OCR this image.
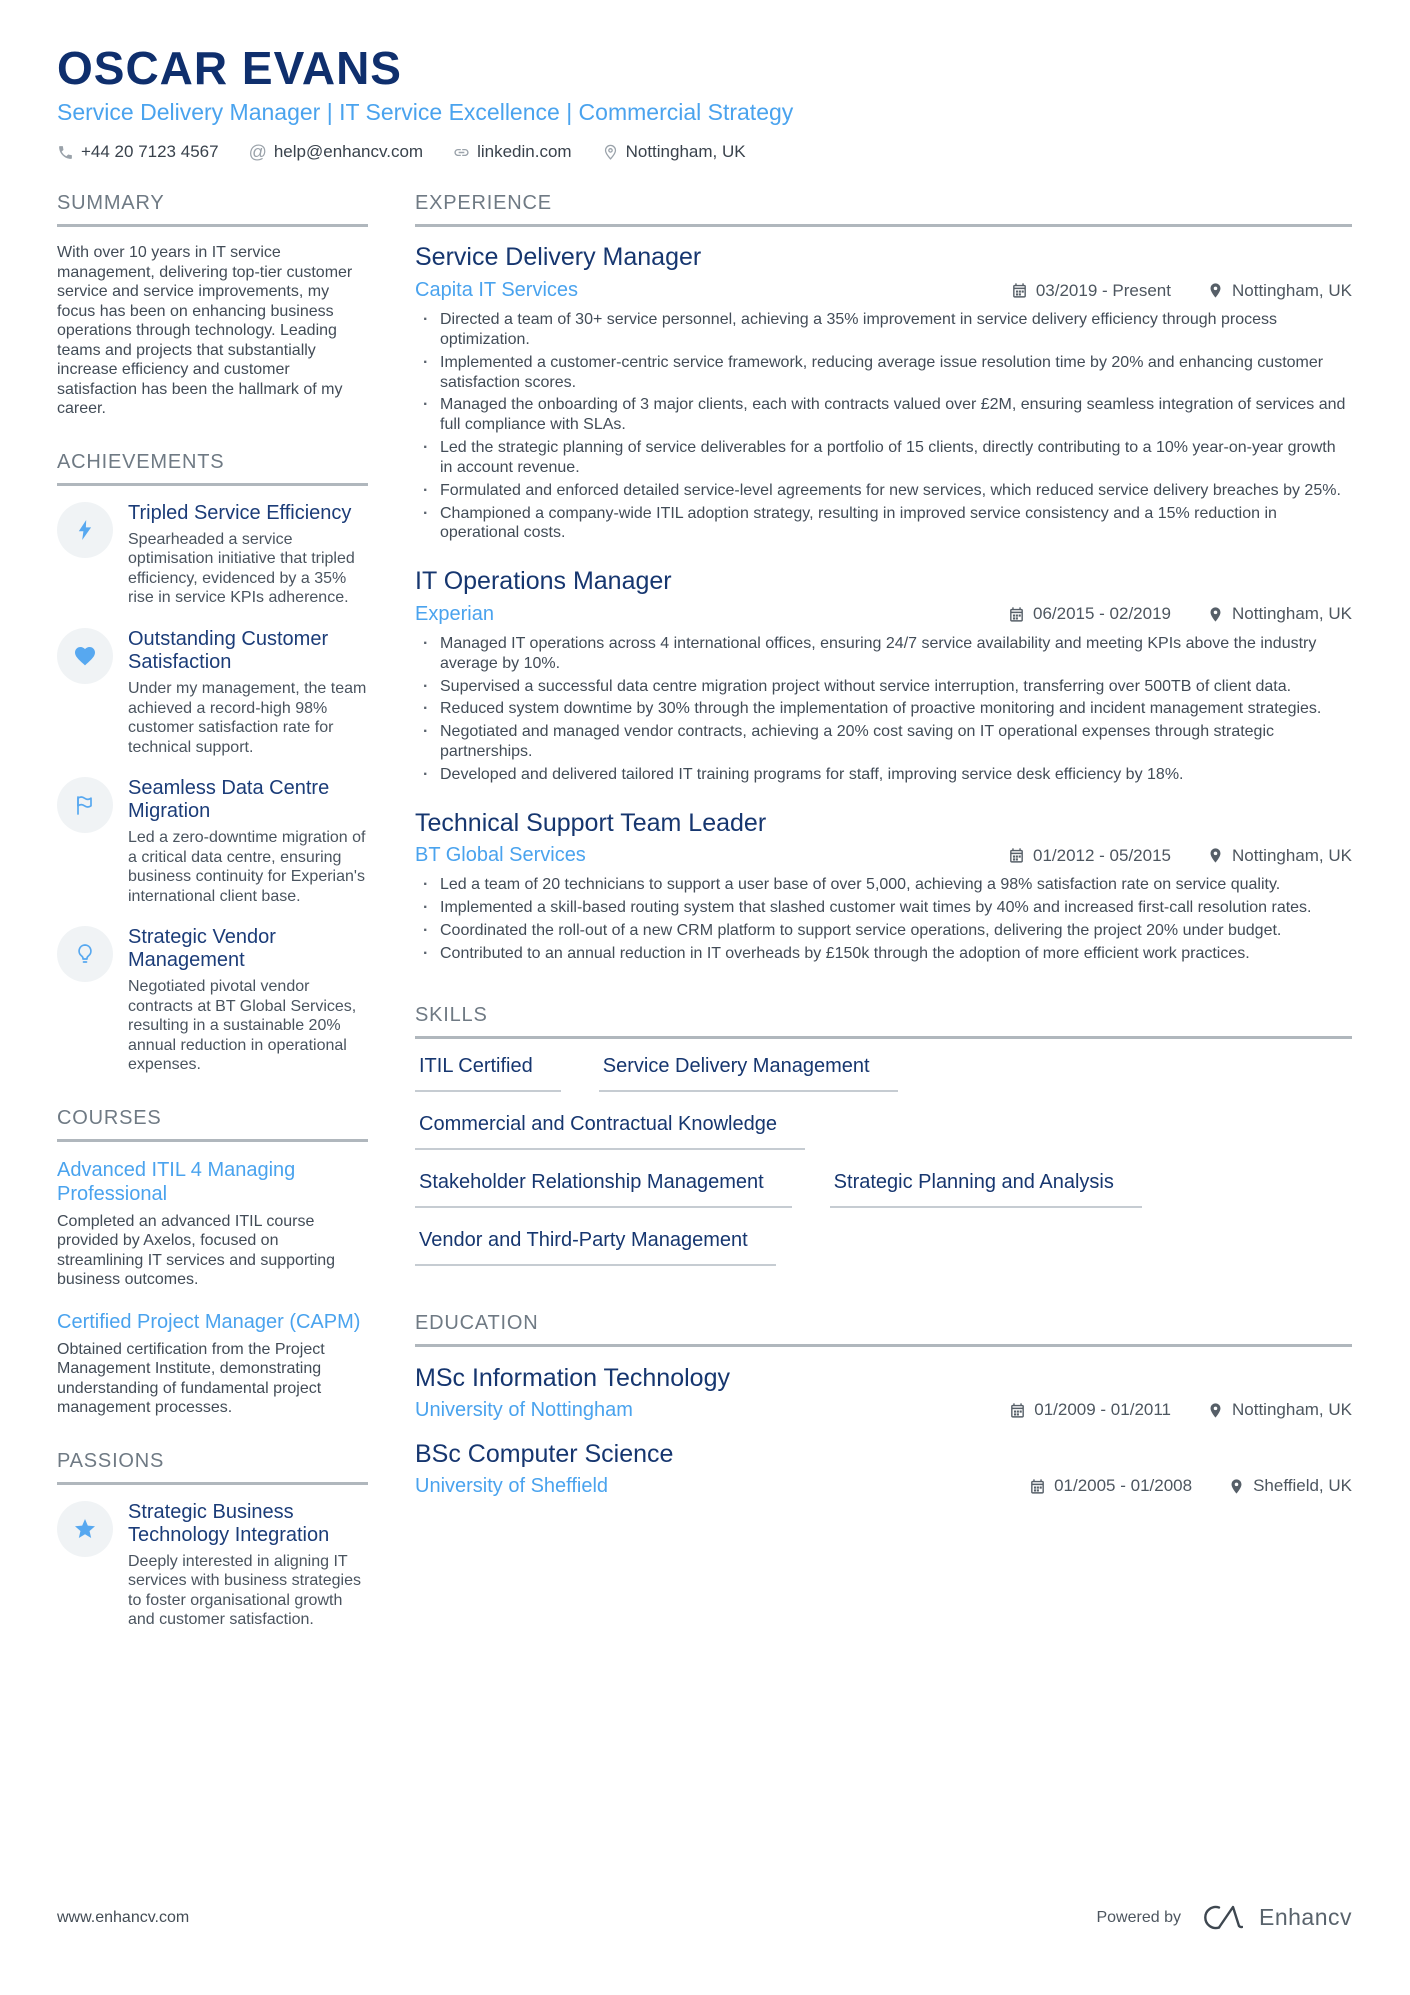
OSCAR EVANS
Service Delivery Manager | IT Service Excellence | Commercial Strategy
+44 20 7123 4567 @ help@enhancv.com	linkedin.com	Nottingham, UK
SUMMARY
With over 10 years in IT service management, delivering top-tier customer service and service improvements, my focus has been on enhancing business operations through technology. Leading teams and projects that substantially increase efficiency and customer satisfaction has been the hallmark of my career.
ACHIEVEMENTS
Tripled Service Efficiency
Spearheaded a service optimisation initiative that tripled efficiency, evidenced by a 35% rise in service KPIs adherence.
Outstanding Customer Satisfaction
Under my management, the team achieved a record-high 98% customer satisfaction rate for technical support.
Seamless Data Centre Migration
Led a zero-downtime migration of a critical data centre, ensuring business continuity for Experian's international client base.
Strategic Vendor Management
Negotiated pivotal vendor contracts at BT Global Services, resulting in a sustainable 20% annual reduction in operational expenses.
COURSES
Advanced ITIL 4 Managing Professional
Completed an advanced ITIL course provided by Axelos, focused on streamlining IT services and supporting business outcomes.
Certified Project Manager (CAPM)
Obtained certification from the Project Management Institute, demonstrating understanding of fundamental project management processes.
PASSIONS
Strategic Business Technology Integration
Deeply interested in aligning IT services with business strategies to foster organisational growth and customer satisfaction.
EXPERIENCE
Service Delivery Manager
Capita IT Services	03/2019 - Present	Nottingham, UK
· Directed a team of 30+ service personnel, achieving a 35% improvement in service delivery efficiency through process optimization.
· Implemented a customer-centric service framework, reducing average issue resolution time by 20% and enhancing customer satisfaction scores.
· Managed the onboarding of 3 major clients, each with contracts valued over £2M, ensuring seamless integration of services and full compliance with SLAs.
· Led the strategic planning of service deliverables for a portfolio of 15 clients, directly contributing to a 10% year-on-year growth in account revenue.
· Formulated and enforced detailed service-level agreements for new services, which reduced service delivery breaches by 25%.
· Championed a company-wide ITIL adoption strategy, resulting in improved service consistency and a 15% reduction in operational costs.
IT Operations Manager
Experian	06/2015 - 02/2019	Nottingham, UK
· Managed IT operations across 4 international offices, ensuring 24/7 service availability and meeting KPIs above the industry average by 10%.
· Supervised a successful data centre migration project without service interruption, transferring over 500TB of client data.
· Reduced system downtime by 30% through the implementation of proactive monitoring and incident management strategies.
· Negotiated and managed vendor contracts, achieving a 20% cost saving on IT operational expenses through strategic partnerships.
· Developed and delivered tailored IT training programs for staff, improving service desk efficiency by 18%.
Technical Support Team Leader
BT Global Services	01/2012 - 05/2015	Nottingham, UK
· Led a team of 20 technicians to support a user base of over 5,000, achieving a 98% satisfaction rate on service quality.
· Implemented a skill-based routing system that slashed customer wait times by 40% and increased first-call resolution rates.
· Coordinated the roll-out of a new CRM platform to support service operations, delivering the project 20% under budget.
· Contributed to an annual reduction in IT overheads by £150k through the adoption of more efficient work practices.
SKILLS
ITIL Certified	Service Delivery Management
Commercial and Contractual Knowledge
Stakeholder Relationship Management	Strategic Planning and Analysis
Vendor and Third-Party Management
EDUCATION
MSc Information Technology
University of Nottingham	01/2009 - 01/2011	Nottingham, UK
BSc Computer Science
University of Sheffield	01/2005 - 01/2008	Sheffield, UK
www.enhancv.com	Powered by	Enhancv
